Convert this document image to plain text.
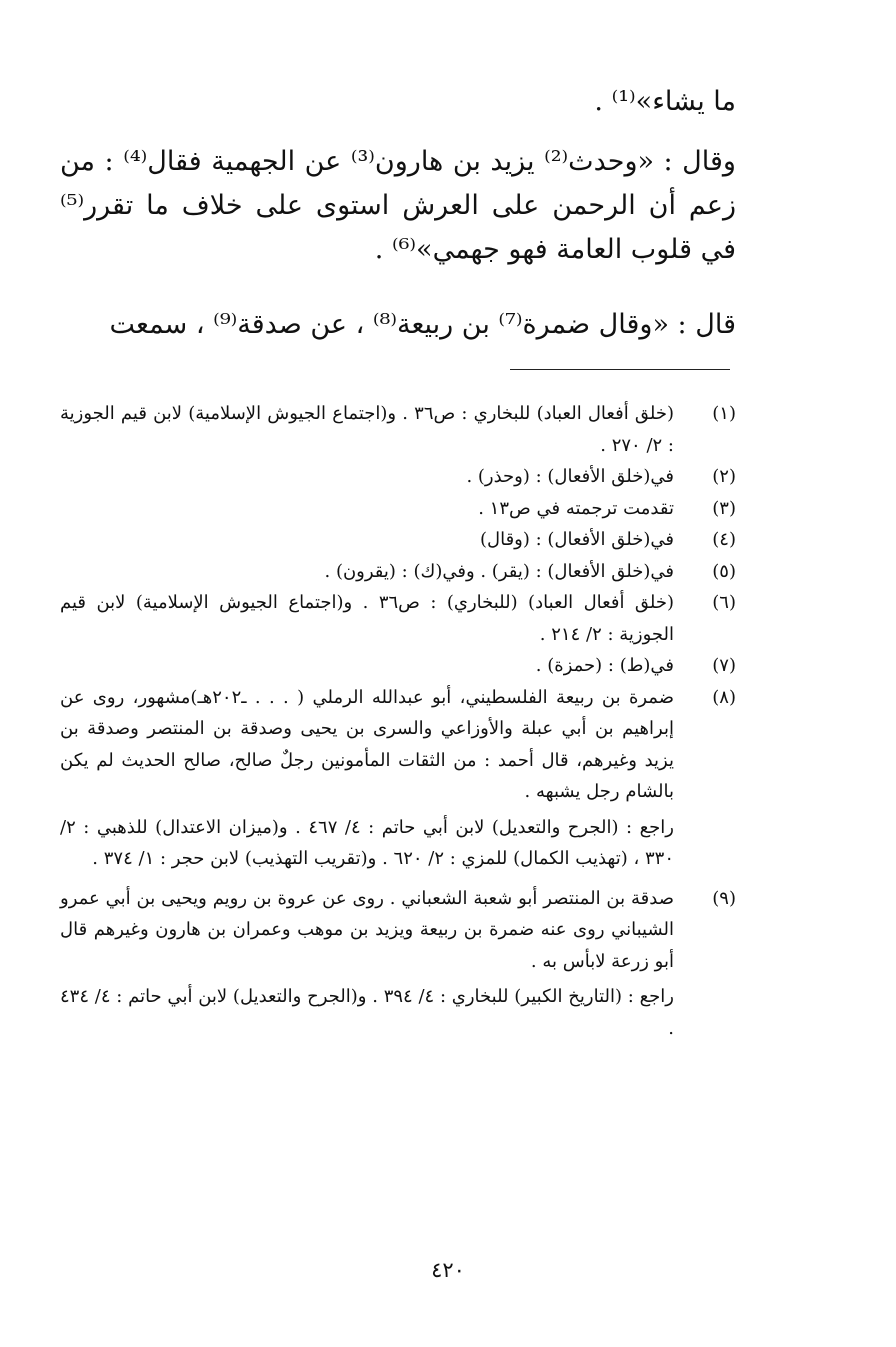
ما يشاء»⁽¹⁾ .

وقال : «وحدث⁽²⁾ يزيد بن هارون⁽³⁾ عن الجهمية فقال⁽⁴⁾ : من زعم أن الرحمن على العرش استوى على خلاف ما تقرر⁽⁵⁾ في قلوب العامة فهو جهمي»⁽⁶⁾ .

قال : «وقال ضمرة⁽⁷⁾ بن ربيعة⁽⁸⁾ ، عن صدقة⁽⁹⁾ ، سمعت

(١)

(خلق أفعال العباد) للبخاري : ص٣٦ . و(اجتماع الجيوش الإسلامية) لابن قيم الجوزية : ٢/ ٢٧٠ .

(٢)

في(خلق الأفعال) : (وحذر) .

(٣)

تقدمت ترجمته في ص١٣ .

(٤)

في(خلق الأفعال) : (وقال)

(٥)

في(خلق الأفعال) : (يقر) . وفي(ك) : (يقرون) .

(٦)

(خلق أفعال العباد) (للبخاري) : ص٣٦ . و(اجتماع الجيوش الإسلامية) لابن قيم الجوزية : ٢/ ٢١٤ .

(٧)

في(ط) : (حمزة) .

(٨)

ضمرة بن ربيعة الفلسطيني، أبو عبدالله الرملي ( . . . ـ٢٠٢هـ)مشهور، روى عن إبراهيم بن أبي عبلة والأوزاعي والسرى بن يحيى وصدقة بن المنتصر وصدقة بن يزيد وغيرهم، قال أحمد : من الثقات المأمونين رجلٌ صالح، صالح الحديث لم يكن بالشام رجل يشبهه .

راجع : (الجرح والتعديل) لابن أبي حاتم : ٤/ ٤٦٧ . و(ميزان الاعتدال) للذهبي : ٢/ ٣٣٠ ، (تهذيب الكمال) للمزي : ٢/ ٦٢٠ . و(تقريب التهذيب) لابن حجر : ١/ ٣٧٤ .

(٩)

صدقة بن المنتصر أبو شعبة الشعباني . روى عن عروة بن رويم ويحيى بن أبي عمرو الشيباني روى عنه ضمرة بن ربيعة ويزيد بن موهب وعمران بن هارون وغيرهم قال أبو زرعة لابأس به .

راجع : (التاريخ الكبير) للبخاري : ٤/ ٣٩٤ . و(الجرح والتعديل) لابن أبي حاتم : ٤/ ٤٣٤ .

٤٢٠
